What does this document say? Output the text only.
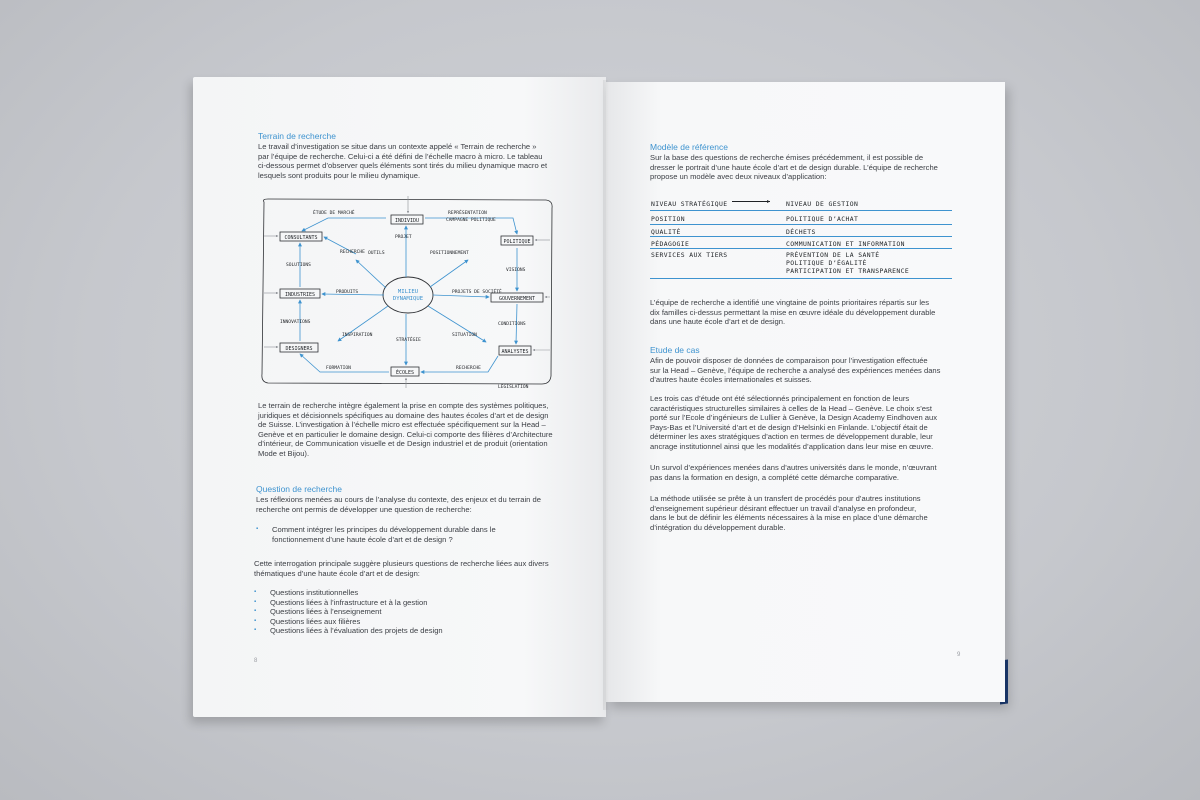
Terrain de recherche
Le travail d’investigation se situe dans un contexte appelé « Terrain de recherche »
par l’équipe de recherche. Celui-ci a été défini de l’échelle macro à micro. Le tableau
ci-dessous permet d’observer quels éléments sont tirés du milieu dynamique macro et
lesquels sont produits pour le milieu dynamique.
MILIEU
DYNAMIQUE
INDIVIDU
POLITIQUE
CONSULTANTS
INDUSTRIES
GOUVERNEMENT
DESIGNERS	ANALYSTES
ÉCOLES
ÉTUDE DE MARCHÉ	REPRÉSENTATION
CAMPAGNE POLITIQUE
PROJET
OUTILS
RECHERCHE	POSITIONNEMENT
SOLUTIONS
VISIONS
PRODUITS	PROJETS DE SOCIÉTÉ
INNOVATIONS
INSPIRATION
CONDITIONS
SITUATION
STRATÉGIE
FORMATION	RECHERCHE
LÉGISLATION
Le terrain de recherche intègre également la prise en compte des systèmes politiques,
juridiques et décisionnels spécifiques au domaine des hautes écoles d’art et de design
de Suisse. L’investigation à l’échelle micro est effectuée spécifiquement sur la Head –
Genève et en particulier le domaine design. Celui-ci comporte des filières d’Architecture
d’intérieur, de Communication visuelle et de Design industriel et de produit (orientation
Mode et Bijou).
Question de recherche
Les réflexions menées au cours de l’analyse du contexte, des enjeux et du terrain de
recherche ont permis de développer une question de recherche:
▪ Comment intégrer les principes du développement durable dans le
fonctionnement d’une haute école d’art et de design ?
Cette interrogation principale suggère plusieurs questions de recherche liées aux divers
thématiques d’une haute école d’art et de design:
▪ Questions institutionnelles
▪ Questions liées à l’infrastructure et à la gestion
▪ Questions liées à l’enseignement
▪ Questions liées aux filières
▪ Questions liées à l’évaluation des projets de design
8
Modèle de référence
Sur la base des questions de recherche émises précédemment, il est possible de
dresser le portrait d’une haute école d’art et de design durable. L’équipe de recherche
propose un modèle avec deux niveaux d’application:
NIVEAU STRATÉGIQUE	▸ NIVEAU DE GESTION
POSITION	POLITIQUE D’ACHAT
QUALITÉ	DÉCHETS
PÉDAGOGIE	COMMUNICATION ET INFORMATION
SERVICES AUX TIERS	PRÉVENTION DE LA SANTÉ
POLITIQUE D’ÉGALITÉ
PARTICIPATION ET TRANSPARENCE
L’équipe de recherche a identifié une vingtaine de points prioritaires répartis sur les
dix familles ci-dessus permettant la mise en œuvre idéale du développement durable
dans une haute école d’art et de design.
Etude de cas
Afin de pouvoir disposer de données de comparaison pour l’investigation effectuée
sur la Head – Genève, l’équipe de recherche a analysé des expériences menées dans
d’autres haute écoles internationales et suisses.
Les trois cas d’étude ont été sélectionnés principalement en fonction de leurs
caractéristiques structurelles similaires à celles de la Head – Genève. Le choix s’est
porté sur l’Ecole d’ingénieurs de Lullier à Genève, la Design Academy Eindhoven aux
Pays-Bas et l’Université d’art et de design d’Helsinki en Finlande. L’objectif était de
déterminer les axes stratégiques d’action en termes de développement durable, leur
ancrage institutionnel ainsi que les modalités d’application dans leur mise en œuvre.
Un survol d’expériences menées dans d’autres universités dans le monde, n’œuvrant
pas dans la formation en design, a complété cette démarche comparative.
La méthode utilisée se prête à un transfert de procédés pour d’autres institutions
d’enseignement supérieur désirant effectuer un travail d’analyse en profondeur,
dans le but de définir les éléments nécessaires à la mise en place d’une démarche
d’intégration du développement durable.
9
